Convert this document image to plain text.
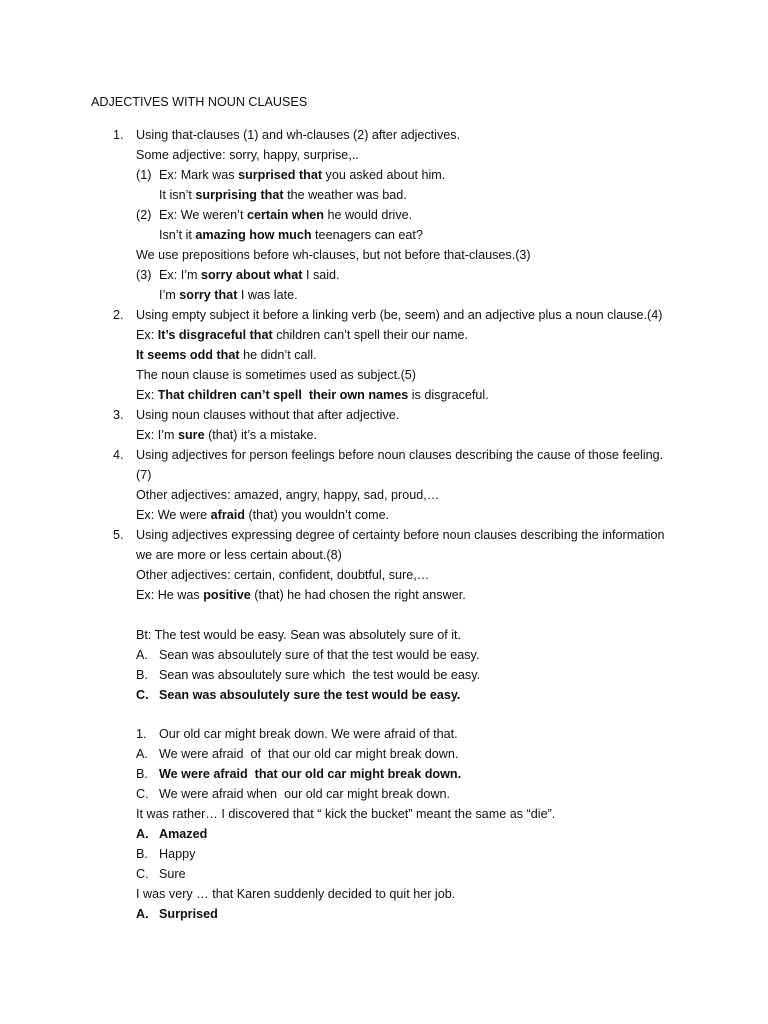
ADJECTIVES WITH NOUN CLAUSES
1. Using that-clauses (1) and wh-clauses (2) after adjectives.
Some adjective: sorry, happy, surprise,..
(1) Ex: Mark was surprised that you asked about him.
It isn’t surprising that the weather was bad.
(2) Ex: We weren’t certain when he would drive.
Isn’t it amazing how much teenagers can eat?
We use prepositions before wh-clauses, but not before that-clauses.(3)
(3) Ex: I’m sorry about what I said.
I’m sorry that I was late.
2. Using empty subject it before a linking verb (be, seem) and an adjective plus a noun clause.(4)
Ex: It’s disgraceful that children can’t spell their our name.
It seems odd that he didn’t call.
The noun clause is sometimes used as subject.(5)
Ex: That children can’t spell  their own names is disgraceful.
3. Using noun clauses without that after adjective.
Ex: I’m sure (that) it’s a mistake.
4. Using adjectives for person feelings before noun clauses describing the cause of those feeling.
(7)
Other adjectives: amazed, angry, happy, sad, proud,…
Ex: We were afraid (that) you wouldn’t come.
5. Using adjectives expressing degree of certainty before noun clauses describing the information
we are more or less certain about.(8)
Other adjectives: certain, confident, doubtful, sure,…
Ex: He was positive (that) he had chosen the right answer.
Bt: The test would be easy. Sean was absolutely sure of it.
A. Sean was absoulutely sure of that the test would be easy.
B. Sean was absoulutely sure which  the test would be easy.
C. Sean was absoulutely sure the test would be easy.
1. Our old car might break down. We were afraid of that.
A. We were afraid  of  that our old car might break down.
B. We were afraid  that our old car might break down.
C. We were afraid when  our old car might break down.
It was rather… I discovered that “ kick the bucket” meant the same as “die”.
A. Amazed
B. Happy
C. Sure
I was very … that Karen suddenly decided to quit her job.
A. Surprised
